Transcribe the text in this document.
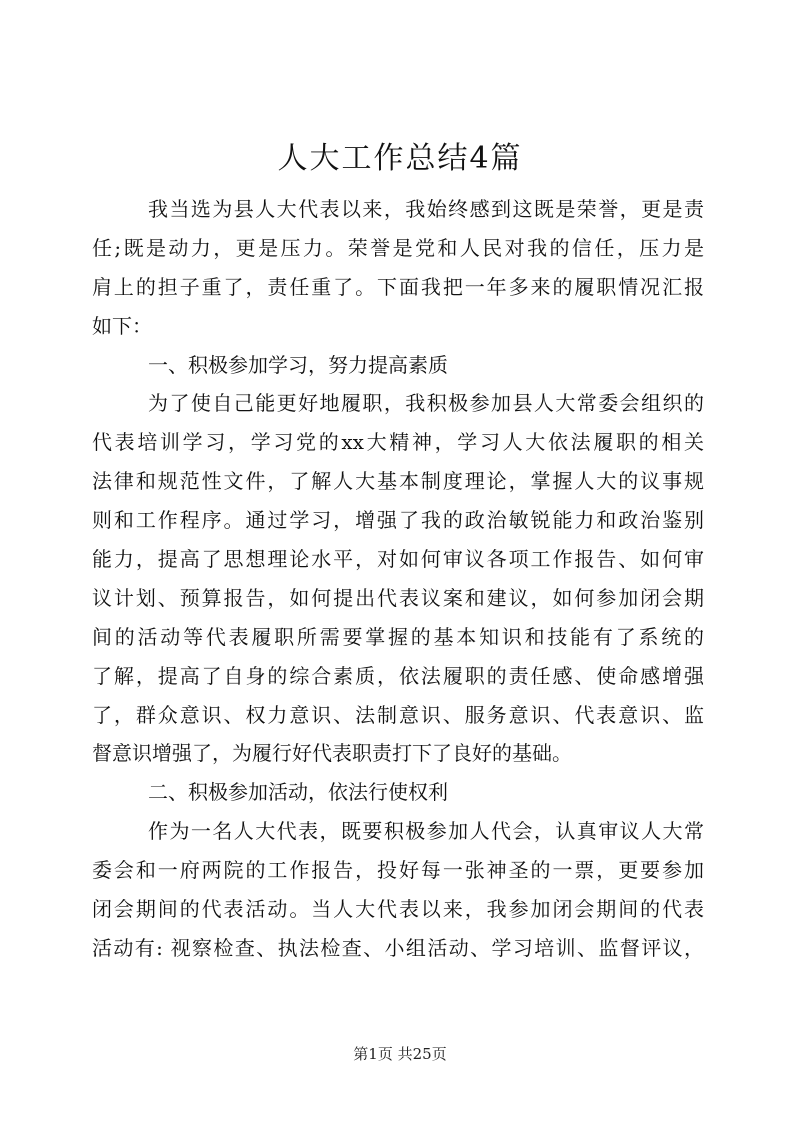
人大工作总结4篇
我当选为县人大代表以来，我始终感到这既是荣誉，更是责
任;既是动力，更是压力。荣誉是党和人民对我的信任，压力是
肩上的担子重了，责任重了。下面我把一年多来的履职情况汇报
如下：
一、积极参加学习，努力提高素质
为了使自己能更好地履职，我积极参加县人大常委会组织的
代表培训学习，学习党的xx大精神，学习人大依法履职的相关
法律和规范性文件，了解人大基本制度理论，掌握人大的议事规
则和工作程序。通过学习，增强了我的政治敏锐能力和政治鉴别
能力，提高了思想理论水平，对如何审议各项工作报告、如何审
议计划、预算报告，如何提出代表议案和建议，如何参加闭会期
间的活动等代表履职所需要掌握的基本知识和技能有了系统的
了解，提高了自身的综合素质，依法履职的责任感、使命感增强
了，群众意识、权力意识、法制意识、服务意识、代表意识、监
督意识增强了，为履行好代表职责打下了良好的基础。
二、积极参加活动，依法行使权利
作为一名人大代表，既要积极参加人代会，认真审议人大常
委会和一府两院的工作报告，投好每一张神圣的一票，更要参加
闭会期间的代表活动。当人大代表以来，我参加闭会期间的代表
活动有: 视察检查、执法检查、小组活动、学习培训、监督评议，
第1页 共25页
